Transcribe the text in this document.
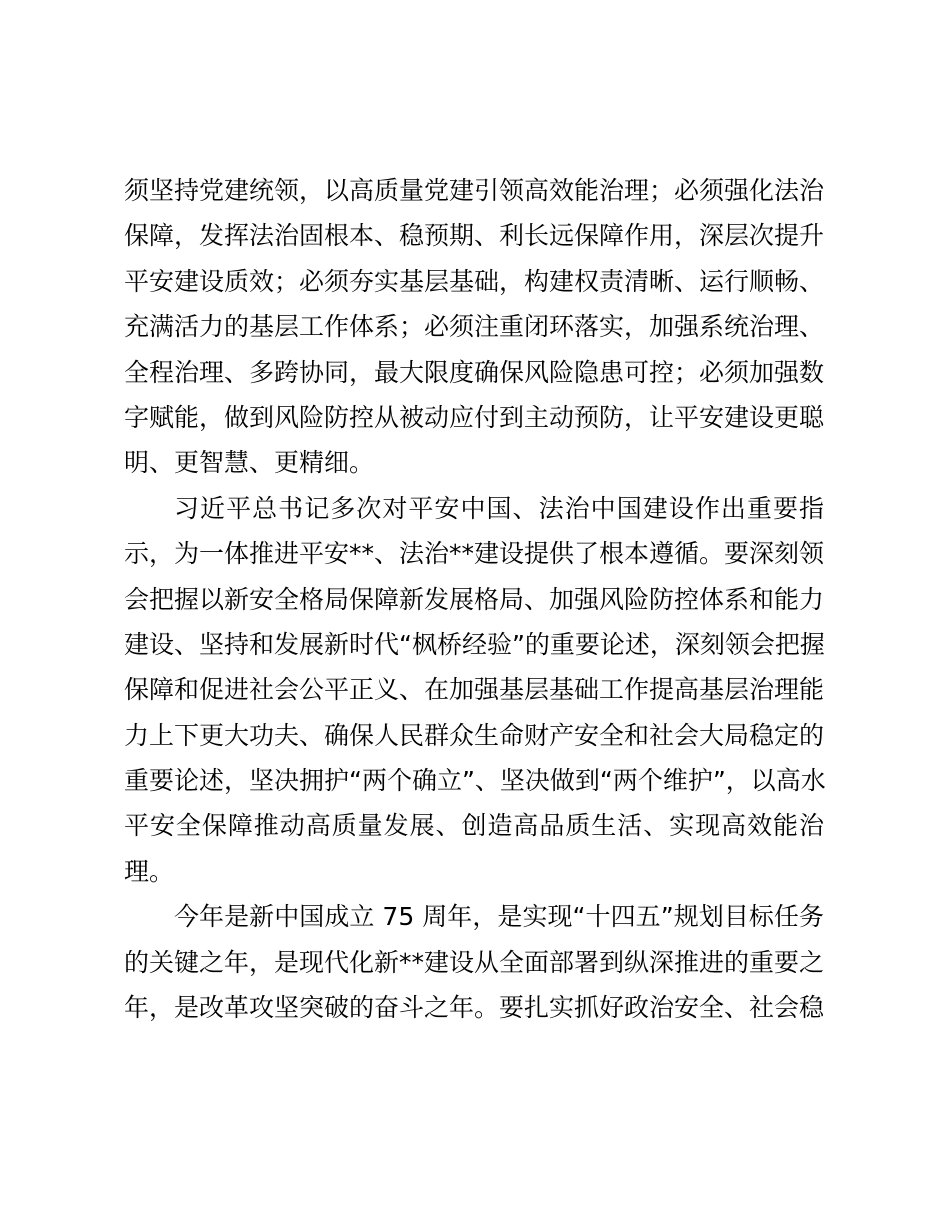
须坚持党建统领，以高质量党建引领高效能治理；必须强化法治
保障，发挥法治固根本、稳预期、利长远保障作用，深层次提升
平安建设质效；必须夯实基层基础，构建权责清晰、运行顺畅、
充满活力的基层工作体系；必须注重闭环落实，加强系统治理、
全程治理、多跨协同，最大限度确保风险隐患可控；必须加强数
字赋能，做到风险防控从被动应付到主动预防，让平安建设更聪
明、更智慧、更精细。
习近平总书记多次对平安中国、法治中国建设作出重要指
示，为一体推进平安**、法治**建设提供了根本遵循。要深刻领
会把握以新安全格局保障新发展格局、加强风险防控体系和能力
建设、坚持和发展新时代“枫桥经验”的重要论述，深刻领会把握
保障和促进社会公平正义、在加强基层基础工作提高基层治理能
力上下更大功夫、确保人民群众生命财产安全和社会大局稳定的
重要论述，坚决拥护“两个确立”、坚决做到“两个维护”，以高水
平安全保障推动高质量发展、创造高品质生活、实现高效能治
理。
今年是新中国成立 75 周年，是实现“十四五”规划目标任务
的关键之年，是现代化新**建设从全面部署到纵深推进的重要之
年，是改革攻坚突破的奋斗之年。要扎实抓好政治安全、社会稳
